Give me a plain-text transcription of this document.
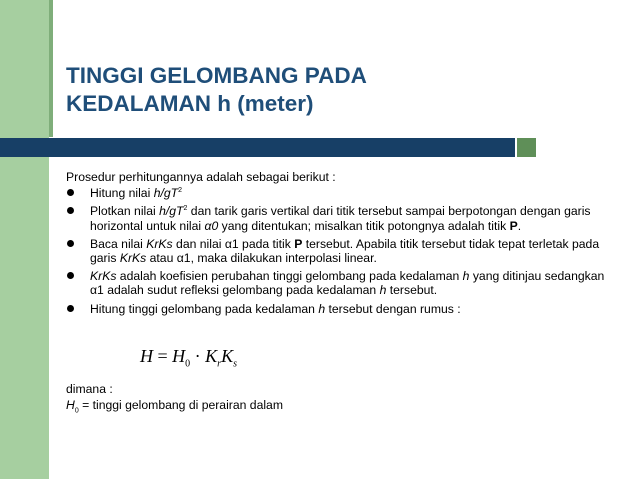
TINGGI GELOMBANG PADA
KEDALAMAN h (meter)

Prosedur perhitungannya adalah sebagai berikut :

Hitung nilai $h/gT^2$
Plotkan nilai $h/gT^2$ dan tarik garis vertikal dari titik tersebut sampai berpotongan dengan garis horizontal untuk nilai α0 yang ditentukan; misalkan titik potongnya adalah titik P.
Baca nilai KrKs dan nilai α1 pada titik P tersebut. Apabila titik tersebut tidak tepat terletak pada garis KrKs atau α1, maka dilakukan interpolasi linear.
KrKs adalah koefisien perubahan tinggi gelombang pada kedalaman h yang ditinjau sedangkan α1 adalah sudut refleksi gelombang pada kedalaman h tersebut.
Hitung tinggi gelombang pada kedalaman h tersebut dengan rumus :
$H = H_0 \cdot K_rK_s$
dimana :
$H_0$ = tinggi gelombang di perairan dalam
